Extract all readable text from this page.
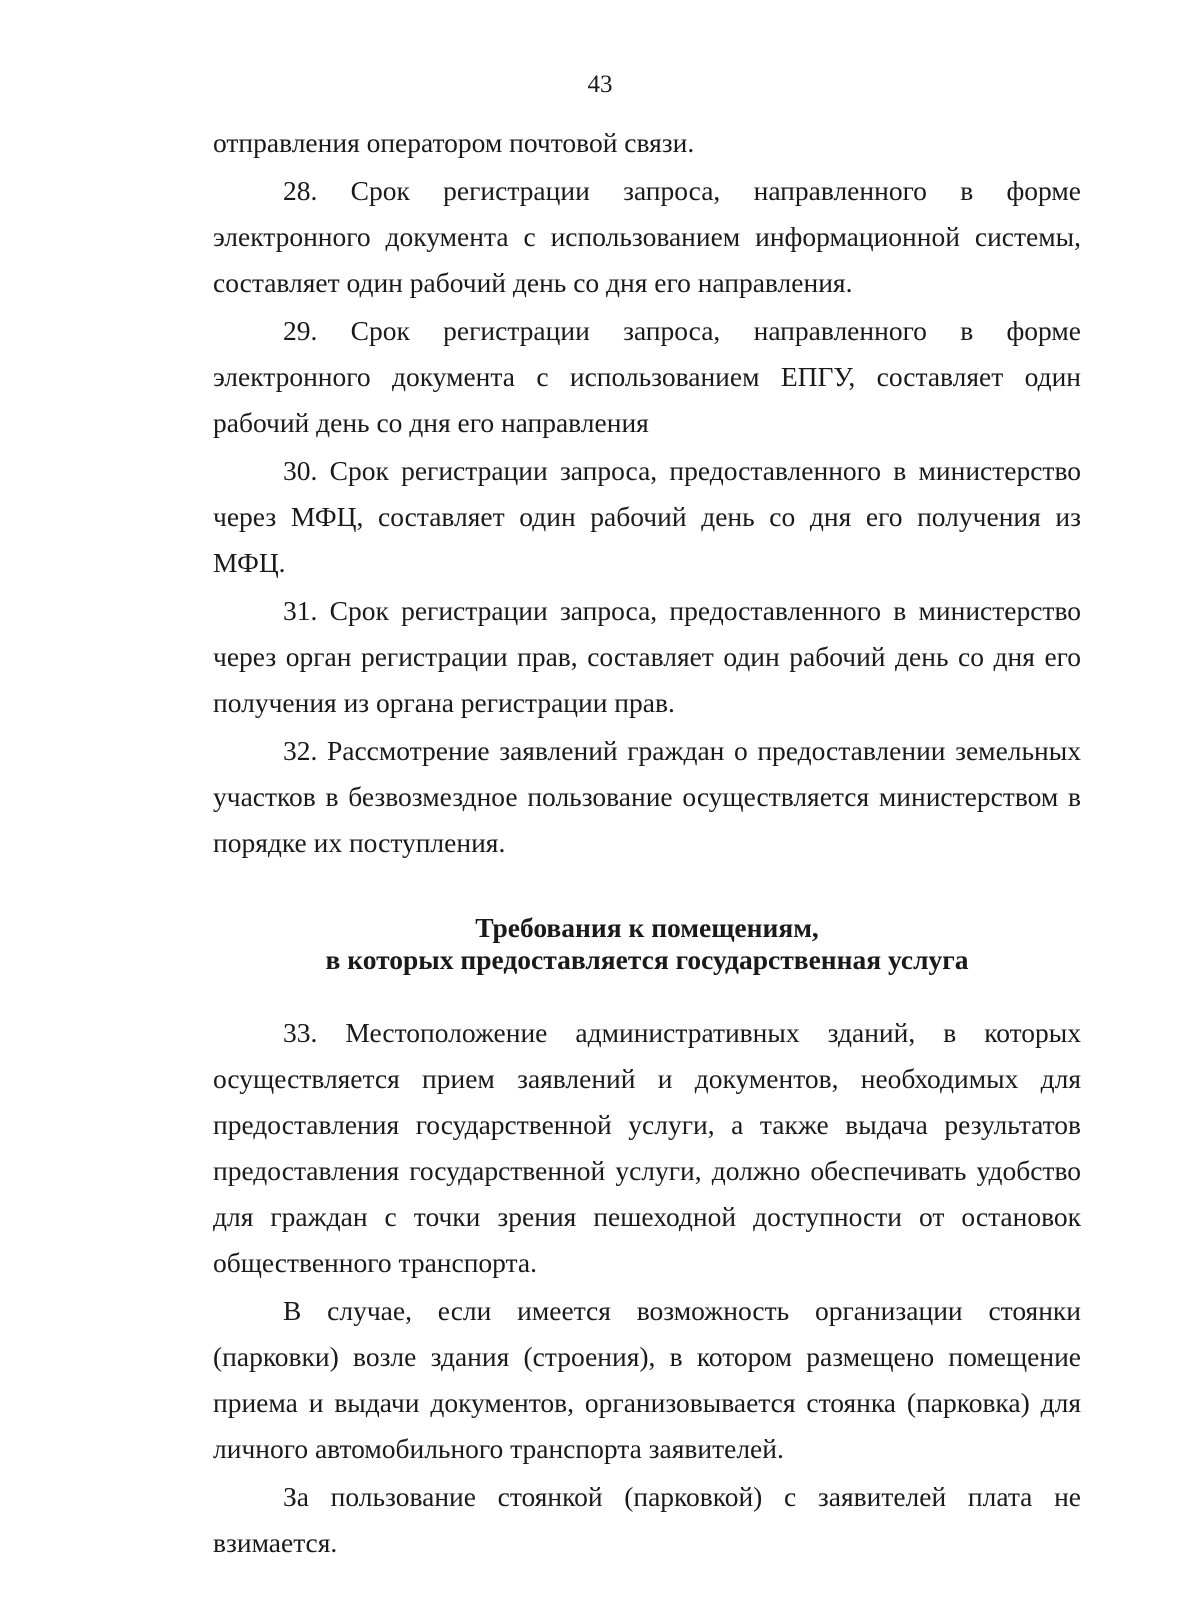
43

отправления оператором почтовой связи.

28. Срок регистрации запроса, направленного в форме электронного документа с использованием информационной системы, составляет один рабочий день со дня его направления.

29. Срок регистрации запроса, направленного в форме электронного документа с использованием ЕПГУ, составляет один рабочий день со дня его направления

30. Срок регистрации запроса, предоставленного в министерство через МФЦ, составляет один рабочий день со дня его получения из МФЦ.

31. Срок регистрации запроса, предоставленного в министерство через орган регистрации прав, составляет один рабочий день со дня его получения из органа регистрации прав.

32. Рассмотрение заявлений граждан о предоставлении земельных участков в безвозмездное пользование осуществляется министерством в порядке их поступления.

Требования к помещениям,
в которых предоставляется государственная услуга

33. Местоположение административных зданий, в которых осуществляется прием заявлений и документов, необходимых для предоставления государственной услуги, а также выдача результатов предоставления государственной услуги, должно обеспечивать удобство для граждан с точки зрения пешеходной доступности от остановок общественного транспорта.

В случае, если имеется возможность организации стоянки (парковки) возле здания (строения), в котором размещено помещение приема и выдачи документов, организовывается стоянка (парковка) для личного автомобильного транспорта заявителей.

За пользование стоянкой (парковкой) с заявителей плата не взимается.
